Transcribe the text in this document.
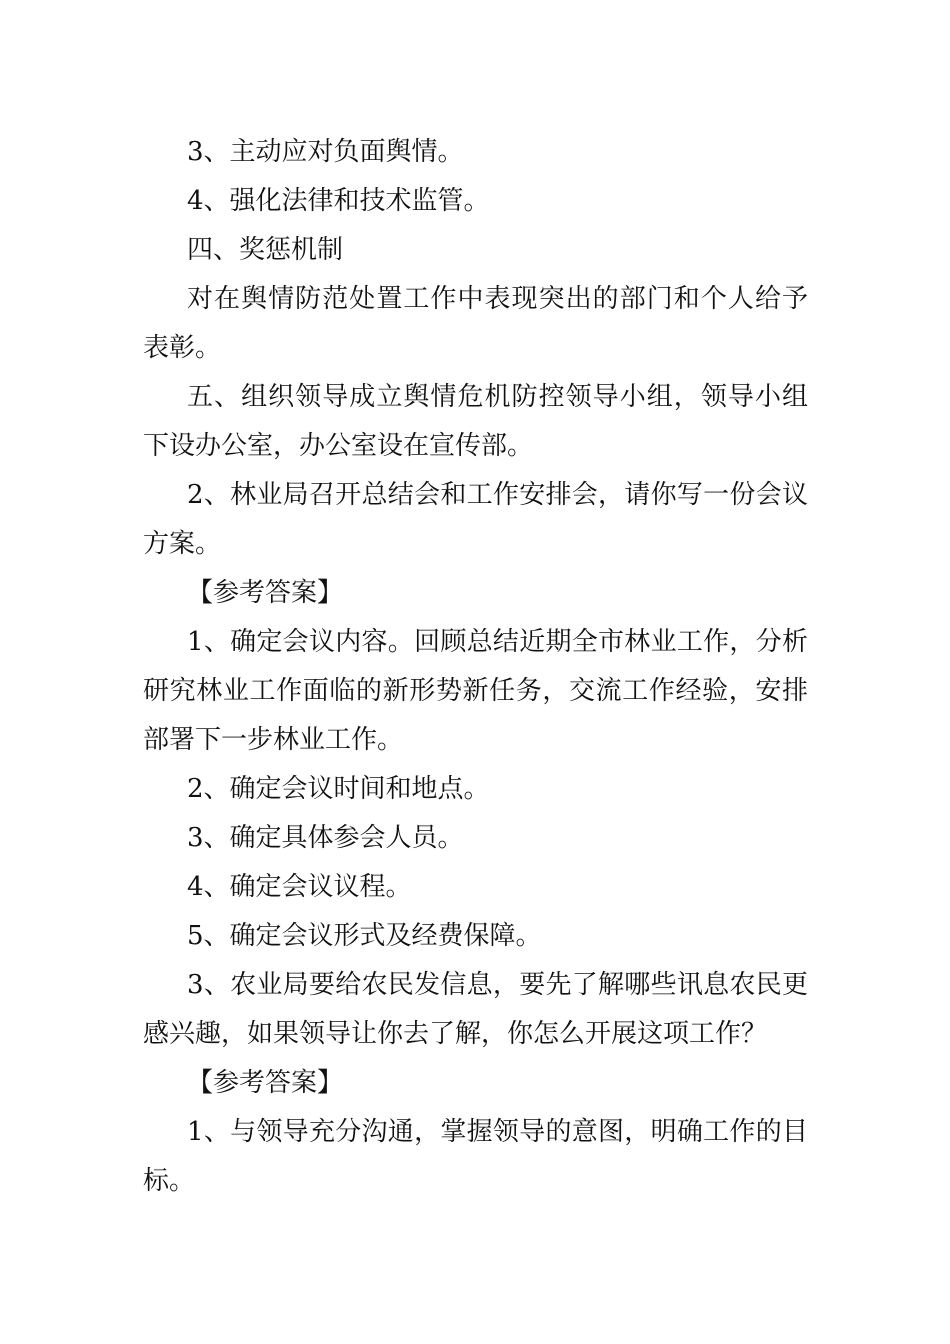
3、主动应对负面舆情。

4、强化法律和技术监管。

四、奖惩机制

对在舆情防范处置工作中表现突出的部门和个人给予表彰。

五、组织领导成立舆情危机防控领导小组，领导小组下设办公室，办公室设在宣传部。

2、林业局召开总结会和工作安排会，请你写一份会议方案。

【参考答案】

1、确定会议内容。回顾总结近期全市林业工作，分析研究林业工作面临的新形势新任务，交流工作经验，安排部署下一步林业工作。

2、确定会议时间和地点。

3、确定具体参会人员。

4、确定会议议程。

5、确定会议形式及经费保障。

3、农业局要给农民发信息，要先了解哪些讯息农民更感兴趣，如果领导让你去了解，你怎么开展这项工作？

【参考答案】

1、与领导充分沟通，掌握领导的意图，明确工作的目标。
